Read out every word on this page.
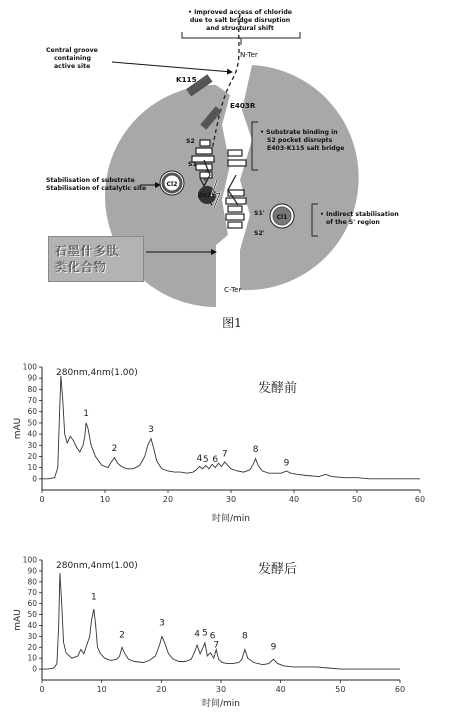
• Improved access of chloride
due to salt bridge disruption
and structural shift
N-Ter
C-Ter
Central groove
containing
active site
K115
E403R
S2
S1
S1'
S2'
Cl2
Cl1
Zn2+
• Substrate binding in
S2 pocket disrupts
E403-K115 salt bridge
Stabilisation of substrate
Stabilisation of catalytic site
• Indirect stabilisation
of the S' region
图1
石墨什多肽
类化合物
0
10
20
30
40
50
60
70
80
90
100
0	10	20	30	40	50	60
mAU
时间/min
280nm,4nm(1.00)
发酵前
1
2
3
4 5 6
7	8
9
0
10
20
30
40
50
60
70
80
90
100
0	10	20	30	40	50	60
mAU
时间/min
280nm,4nm(1.00)	发酵后
1
2
3
4 5 6
7
8
9
